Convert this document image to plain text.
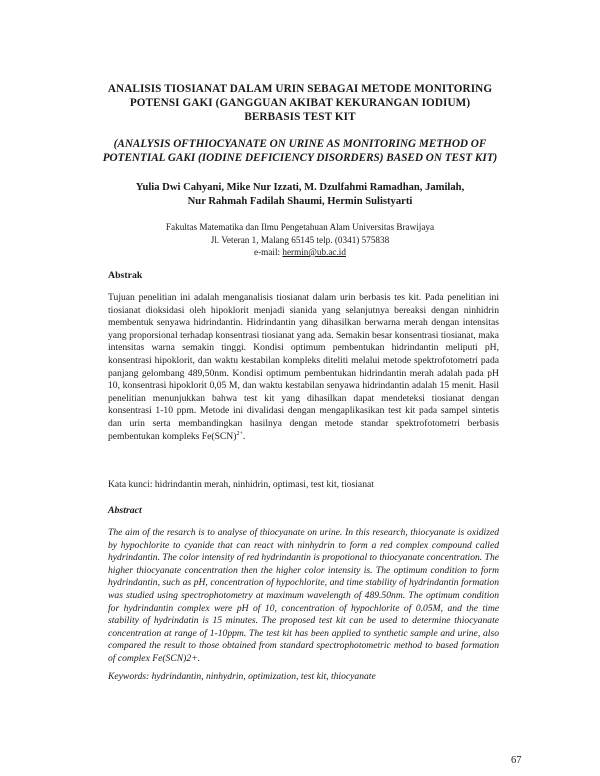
ANALISIS TIOSIANAT DALAM URIN SEBAGAI METODE MONITORING
POTENSI GAKI (GANGGUAN AKIBAT KEKURANGAN IODIUM)
BERBASIS TEST KIT
(ANALYSIS OFTHIOCYANATE ON URINE AS MONITORING METHOD OF
POTENTIAL GAKI (IODINE DEFICIENCY DISORDERS) BASED ON TEST KIT)
Yulia Dwi Cahyani, Mike Nur Izzati, M. Dzulfahmi Ramadhan, Jamilah,
Nur Rahmah Fadilah Shaumi, Hermin Sulistyarti
Fakultas Matematika dan Ilmu Pengetahuan Alam Universitas Brawijaya
Jl. Veteran 1, Malang 65145 telp. (0341) 575838
e-mail: hermin@ub.ac.id
Abstrak
Tujuan penelitian ini adalah menganalisis tiosianat dalam urin berbasis tes kit. Pada penelitian ini tiosianat dioksidasi oleh hipoklorit menjadi sianida yang selanjutnya bereaksi dengan ninhidrin membentuk senyawa hidrindantin. Hidrindantin yang dihasilkan berwarna merah dengan intensitas yang proporsional terhadap konsentrasi tiosianat yang ada. Semakin besar konsentrasi tiosianat, maka intensitas warna semakin tinggi. Kondisi optimum pembentukan hidrindantin meliputi pH, konsentrasi hipoklorit, dan waktu kestabilan kompleks diteliti melalui metode spektrofotometri pada panjang gelombang 489,50nm. Kondisi optimum pembentukan hidrindantin merah adalah pada pH 10, konsentrasi hipoklorit 0,05 M, dan waktu kestabilan senyawa hidrindantin adalah 15 menit. Hasil penelitian menunjukkan bahwa test kit yang dihasilkan dapat mendeteksi tiosianat dengan konsentrasi 1-10 ppm. Metode ini divalidasi dengan mengaplikasikan test kit pada sampel sintetis dan urin serta membandingkan hasilnya dengan metode standar spektrofotometri berbasis pembentukan kompleks Fe(SCN)$^{2+}$.
Kata kunci: hidrindantin merah, ninhidrin, optimasi, test kit, tiosianat
Abstract
The aim of the resarch is to analyse of thiocyanate on urine. In this research, thiocyanate is oxidized by hypochlorite to cyanide that can react with ninhydrin to form a red complex compound called hydrindantin. The color intensity of red hydrindantin is propotional to thiocyanate concentration. The higher thiocyanate concentration then the higher color intensity is. The optimum condition to form hydrindantin, such as pH, concentration of hypochlorite, and time stability of hydrindantin formation was studied using spectrophotometry at maximum wavelength of 489.50nm. The optimum condition for hydrindantin complex were pH of 10, concentration of hypochlorite of 0.05M, and the time stability of hydrindatin is 15 minutes. The proposed test kit can be used to determine thiocyanate concentration at range of 1-10ppm. The test kit has been applied to synthetic sample and urine, also compared the result to those obtained from standard spectrophotometric method to based formation of complex Fe(SCN)2+.
Keywords: hydrindantin, ninhydrin, optimization, test kit, thiocyanate
67
